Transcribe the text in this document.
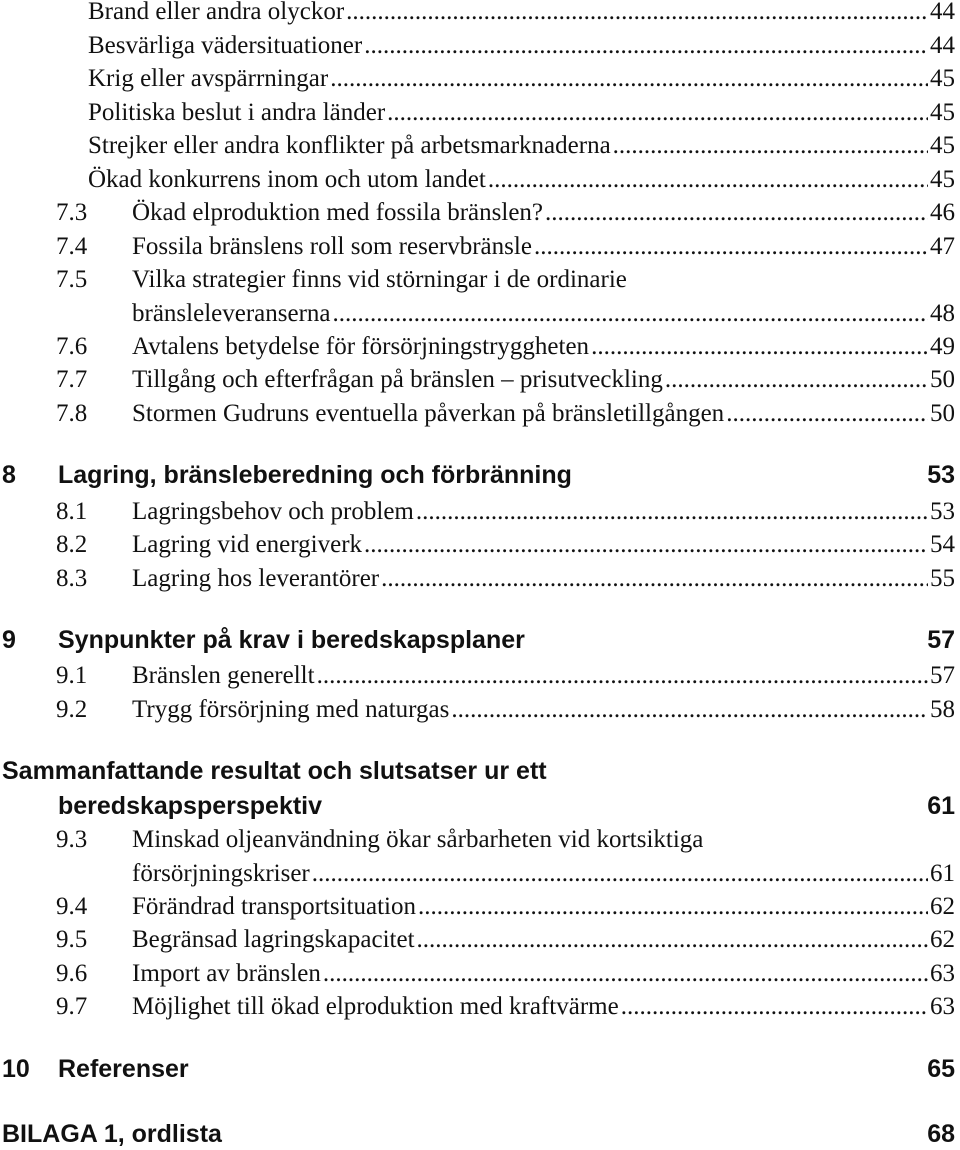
Brand eller andra olyckor .....	44
Besvärliga vädersituationer .....	44
Krig eller avspärrningar .....	45
Politiska beslut i andra länder .....	45
Strejker eller andra konflikter på arbetsmarknaderna .....	45
Ökad konkurrens inom och utom landet .....	45
7.3 Ökad elproduktion med fossila bränslen? .....	46
7.4 Fossila bränslens roll som reservbränsle .....	47
7.5 Vilka strategier finns vid störningar i de ordinarie
bränsleleveranserna .....	48
7.6 Avtalens betydelse för försörjningstryggheten .....	49
7.7 Tillgång och efterfrågan på bränslen – prisutveckling .....	50
7.8 Stormen Gudruns eventuella påverkan på bränsletillgången .....	50
8 Lagring, bränsleberedning och förbränning	53
8.1 Lagringsbehov och problem .....	53
8.2 Lagring vid energiverk .....	54
8.3 Lagring hos leverantörer .....	55
9 Synpunkter på krav i beredskapsplaner	57
9.1 Bränslen generellt .....	57
9.2 Trygg försörjning med naturgas .....	58
Sammanfattande resultat och slutsatser ur ett
beredskapsperspektiv	61
9.3 Minskad oljeanvändning ökar sårbarheten vid kortsiktiga
försörjningskriser .....	61
9.4 Förändrad transportsituation .....	62
9.5 Begränsad lagringskapacitet .....	62
9.6 Import av bränslen .....	63
9.7 Möjlighet till ökad elproduktion med kraftvärme .....	63
10 Referenser	65
BILAGA 1, ordlista	68
